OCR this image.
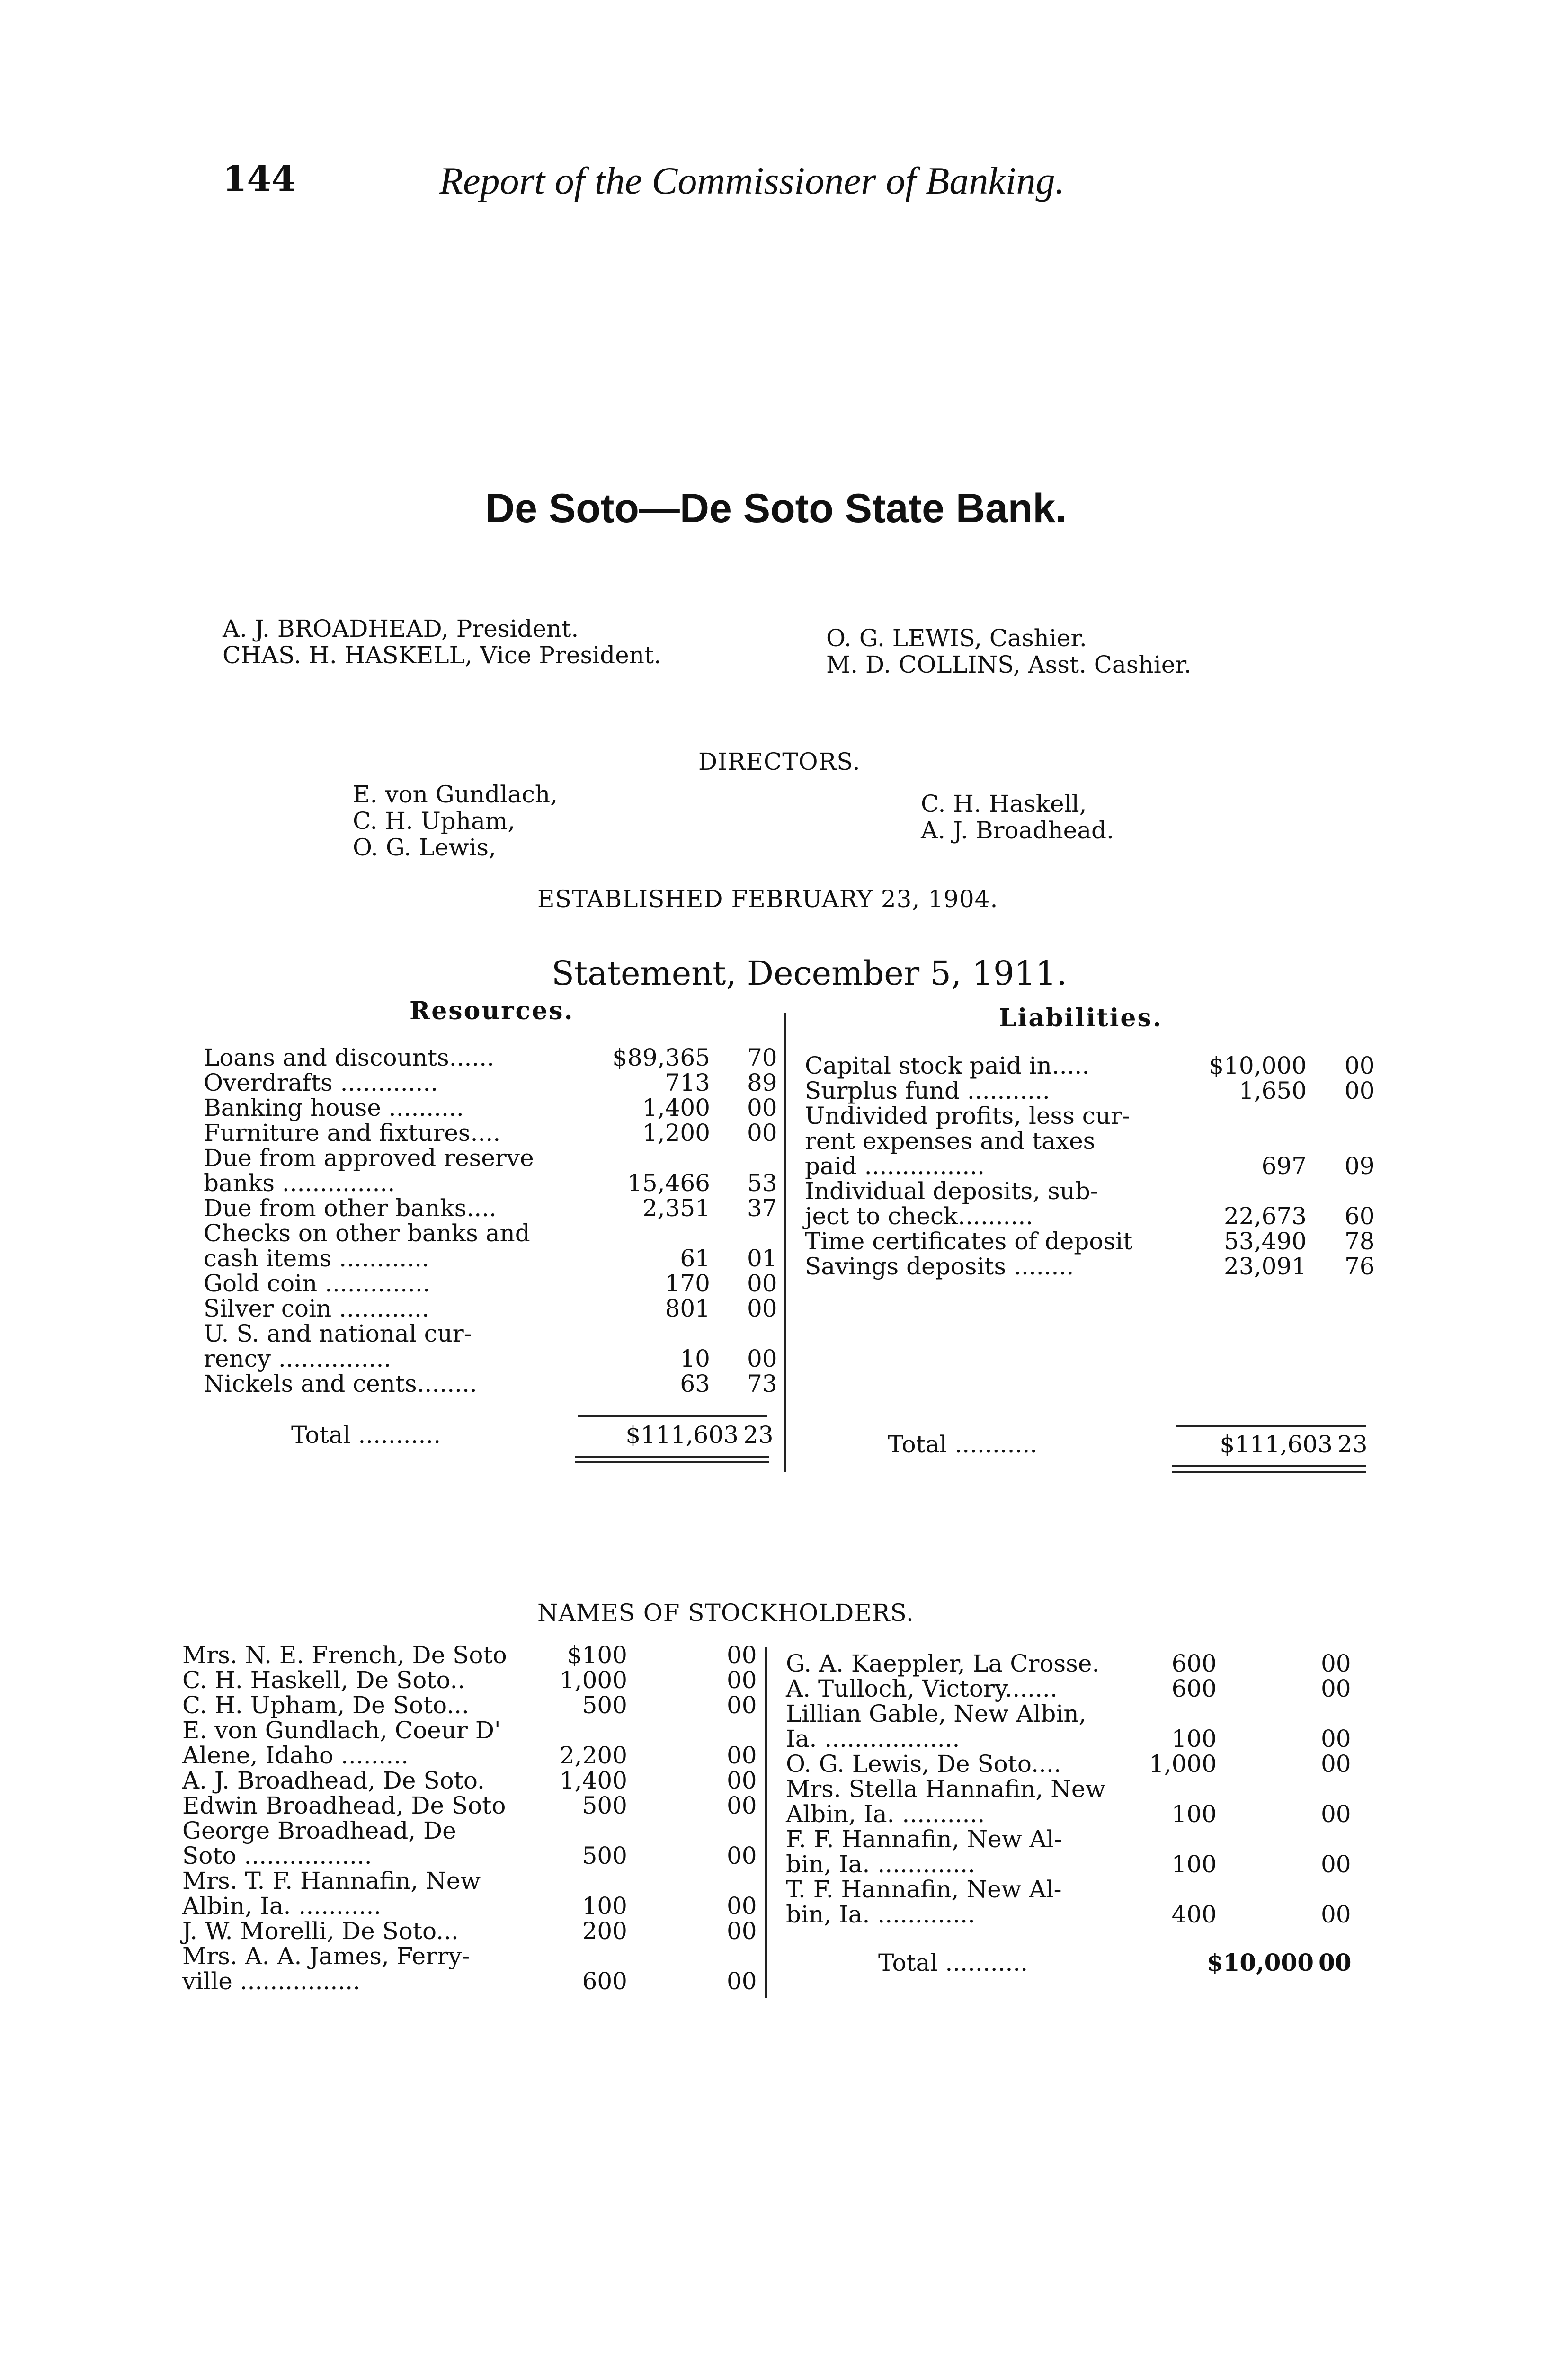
144	Report of the Commissioner of Banking.
De Soto—De Soto State Bank.
A. J. BROADHEAD, President.
CHAS. H. HASKELL, Vice President.
O. G. LEWIS, Cashier.
M. D. COLLINS, Asst. Cashier.
DIRECTORS.
E. von Gundlach,
C. H. Upham,
O. G. Lewis,
C. H. Haskell,
A. J. Broadhead.
ESTABLISHED FEBRUARY 23, 1904.
Statement, December 5, 1911.
Resources.	Liabilities.
Loans and discounts......	$89,365 70
Overdrafts .............	713 89
Banking house ..........	1,400 00
Furniture and fixtures....	1,200 00
Due from approved reserve
banks ...............	15,466 53
Due from other banks....	2,351 37
Checks on other banks and
cash items ............	61 01
Gold coin ..............	170 00
Silver coin ............	801 00
U. S. and national cur-
rency ...............	10 00
Nickels and cents........	63 73
Capital stock paid in.....	$10,000 00
Surplus fund ...........	1,650 00
Undivided profits, less cur-
rent expenses and taxes
paid ................	697 09
Individual deposits, sub-
ject to check..........	22,673 60
Time certificates of deposit	53,490 78
Savings deposits ........	23,091 76
Total ...........	$111,603 23	Total ...........	$111,603 23
NAMES OF STOCKHOLDERS.
Mrs. N. E. French, De Soto	$100	00
C. H. Haskell, De Soto..	1,000	00
C. H. Upham, De Soto...	500	00
E. von Gundlach, Coeur D'
Alene, Idaho .........	2,200	00
A. J. Broadhead, De Soto.	1,400	00
Edwin Broadhead, De Soto	500	00
George Broadhead, De
Soto .................	500	00
Mrs. T. F. Hannafin, New
Albin, Ia. ...........	100	00
J. W. Morelli, De Soto...	200	00
Mrs. A. A. James, Ferry-
ville ................	600	00
G. A. Kaeppler, La Crosse.	600	00
A. Tulloch, Victory.......	600	00
Lillian Gable, New Albin,
Ia. ..................	100	00
O. G. Lewis, De Soto....	1,000	00
Mrs. Stella Hannafin, New
Albin, Ia. ...........	100	00
F. F. Hannafin, New Al-
bin, Ia. .............	100	00
T. F. Hannafin, New Al-
bin, Ia. .............	400	00
Total ...........	$10,000 00
